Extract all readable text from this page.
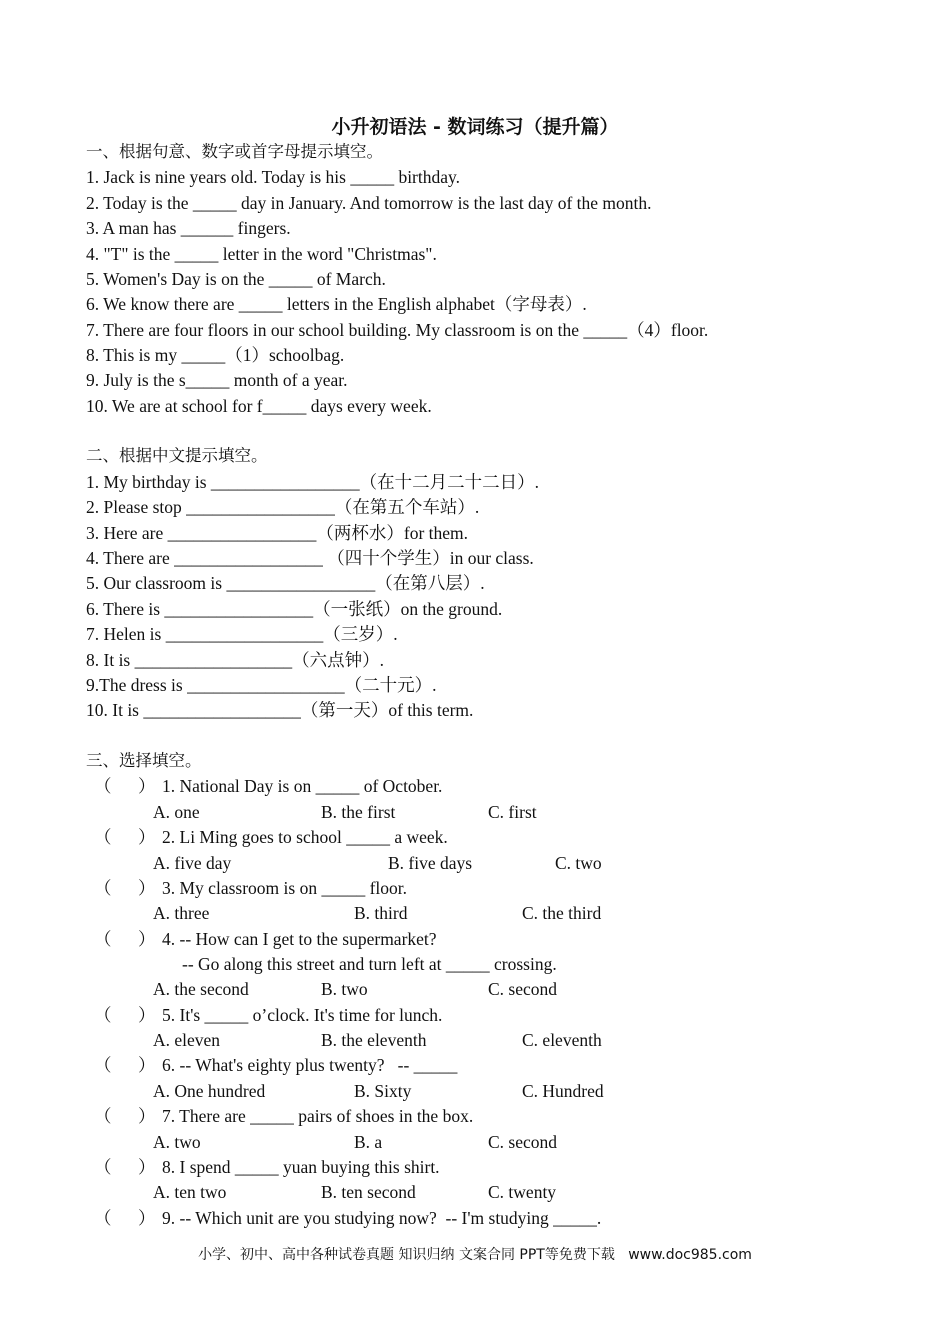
小升初语法 - 数词练习（提升篇）
一、根据句意、数字或首字母提示填空。
1. Jack is nine years old. Today is his _____ birthday.
2. Today is the _____ day in January. And tomorrow is the last day of the month.
3. A man has ______ fingers.
4. "T" is the _____ letter in the word "Christmas".
5. Women's Day is on the _____ of March.
6. We know there are _____ letters in the English alphabet（字母表）.
7. There are four floors in our school building. My classroom is on the _____（4）floor.
8. This is my _____（1）schoolbag.
9. July is the s_____ month of a year.
10. We are at school for f_____ days every week.
二、根据中文提示填空。
1. My birthday is _________________（在十二月二十二日）.
2. Please stop _________________（在第五个车站）.
3. Here are _________________（两杯水）for them.
4. There are _________________ （四十个学生）in our class.
5. Our classroom is _________________（在第八层）.
6. There is _________________（一张纸）on the ground.
7. Helen is __________________（三岁）.
8. It is __________________（六点钟）.
9.The dress is __________________（二十元）.
10. It is __________________（第一天）of this term.
三、选择填空。
（ ） 1. National Day is on _____ of October.
A. one	B. the first	C. first
（ ） 2. Li Ming goes to school _____ a week.
A. five day	B. five days	C. two
（ ） 3. My classroom is on _____ floor.
A. three	B. third	C. the third
（ ） 4. -- How can I get to the supermarket?
-- Go along this street and turn left at _____ crossing.
A. the second	B. two	C. second
（ ） 5. It's _____ o’clock. It's time for lunch.
A. eleven	B. the eleventh	C. eleventh
（ ） 6. -- What's eighty plus twenty?   -- _____
A. One hundred	B. Sixty	C. Hundred
（ ） 7. There are _____ pairs of shoes in the box.
A. two	B. a	C. second
（ ） 8. I spend _____ yuan buying this shirt.
A. ten two	B. ten second	C. twenty
（ ） 9. -- Which unit are you studying now?  -- I'm studying _____.
小学、初中、高中各种试卷真题 知识归纳 文案合同 PPT等免费下载   www.doc985.com
